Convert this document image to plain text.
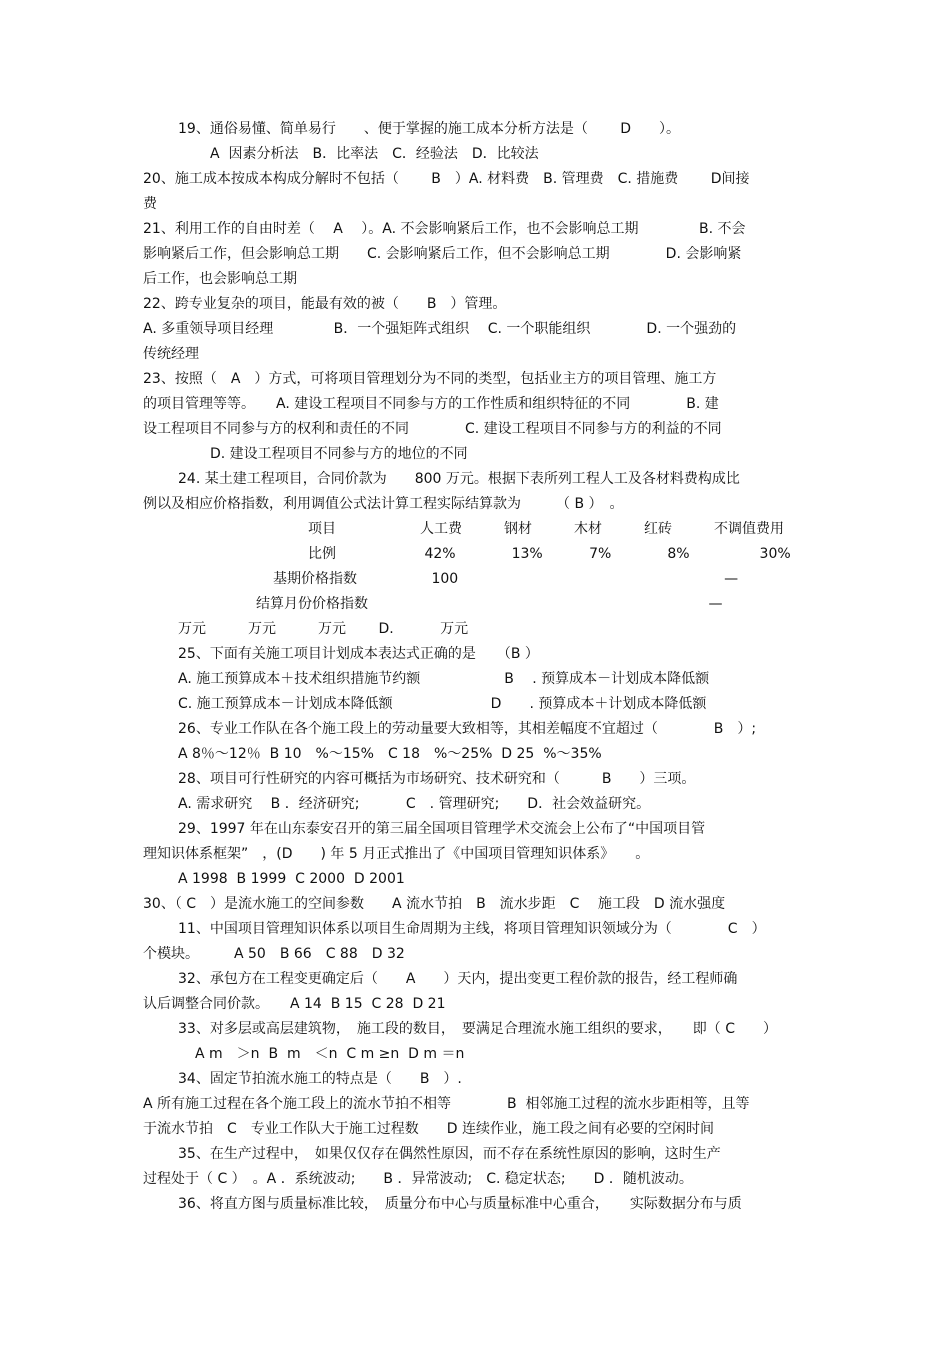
19、通俗易懂、简单易行　　、便于掌握的施工成本分析方法是（　　 D　　）。
A  因素分析法　B．比率法　C．经验法　D．比较法
20、施工成本按成本构成分解时不包括（　　 B　）A. 材料费　B. 管理费　C. 措施费　　 D间接
费
21、利用工作的自由时差（　 A　 ）。A. 不会影响紧后工作，也不会影响总工期　　　　 B. 不会
影响紧后工作，但会影响总工期　　C. 会影响紧后工作，但不会影响总工期　　　　D. 会影响紧
后工作，也会影响总工期
22、跨专业复杂的项目，能最有效的被（　　B　）管理。
A. 多重领导项目经理　　　　 B．一个强矩阵式组织　 C. 一个职能组织　　　　D. 一个强劲的
传统经理
23、按照（　A　）方式，可将项目管理划分为不同的类型，包括业主方的项目管理、施工方
的项目管理等等。　　A. 建设工程项目不同参与方的工作性质和组织特征的不同　　　　B. 建
设工程项目不同参与方的权利和责任的不同　　　　C. 建设工程项目不同参与方的利益的不同
D. 建设工程项目不同参与方的地位的不同
24. 某土建工程项目，合同价款为　　800 万元。根据下表所列工程人工及各材料费构成比
例以及相应价格指数，利用调值公式法计算工程实际结算款为　　　（ B ）　。
项目　　　　　　人工费　　　钢材　　　木材　　　红砖　　　不调值费用
比例　　　　　　 42%　　　　13%　　　 7%　　　　8%　　　　　30%
基期价格指数　　　　　 100　　　　　　　　　　　　　　　　　　　—
结算月份价格指数　　　　　　　　　　　　　　　　　　　　　　　　 —
万元　　　万元　　　万元　　 D.　　　 万元
25、下面有关施工项目计划成本表达式正确的是　　（B ）
A. 施工预算成本＋技术组织措施节约额　　　　　　B　 . 预算成本－计划成本降低额
C. 施工预算成本－计划成本降低额　　　　　　　D　　. 预算成本＋计划成本降低额
26、专业工作队在各个施工段上的劳动量要大致相等，其相差幅度不宜超过（　　　　B　）;
A 8％～12％  B 10　%～15%　C 18　%～25%  D 25  %～35%
28、项目可行性研究的内容可概括为市场研究、技术研究和（　　　B　　）三项。
A. 需求研究　 B ．经济研究;　　　 C　. 管理研究;　　D．社会效益研究。
29、1997 年在山东泰安召开的第三届全国项目管理学术交流会上公布了“中国项目管
理知识体系框架”　，(D　　) 年 5 月正式推出了《中国项目管理知识体系》　　。
A 1998  B 1999  C 2000  D 2001
30、（ C　）是流水施工的空间参数　　A 流水节拍　B　流水步距　C　 施工段　D 流水强度
11、中国项目管理知识体系以项目生命周期为主线，将项目管理知识领域分为（　　　　C　）
个模块。　　　A 50　B 66　C 88　D 32
32、承包方在工程变更确定后（　　A　　）天内，提出变更工程价款的报告，经工程师确
认后调整合同价款。　　A 14  B 15  C 28  D 21
33、对多层或高层建筑物，　施工段的数目，　要满足合理流水施工组织的要求，　　即（ C　　）
A m　＞n  B  m　＜n  C m ≥n  D m ＝n
34、固定节拍流水施工的特点是（　　B　）.
A 所有施工过程在各个施工段上的流水节拍不相等　　　　B  相邻施工过程的流水步距相等，且等
于流水节拍　C　专业工作队大于施工过程数　　D 连续作业，施工段之间有必要的空闲时间
35、在生产过程中，　如果仅仅存在偶然性原因，而不存在系统性原因的影响，这时生产
过程处于（ C ）　。A ．系统波动;　　B ．异常波动;　C. 稳定状态;　　D ．随机波动。
36、将直方图与质量标准比较，　质量分布中心与质量标准中心重合，　　实际数据分布与质
